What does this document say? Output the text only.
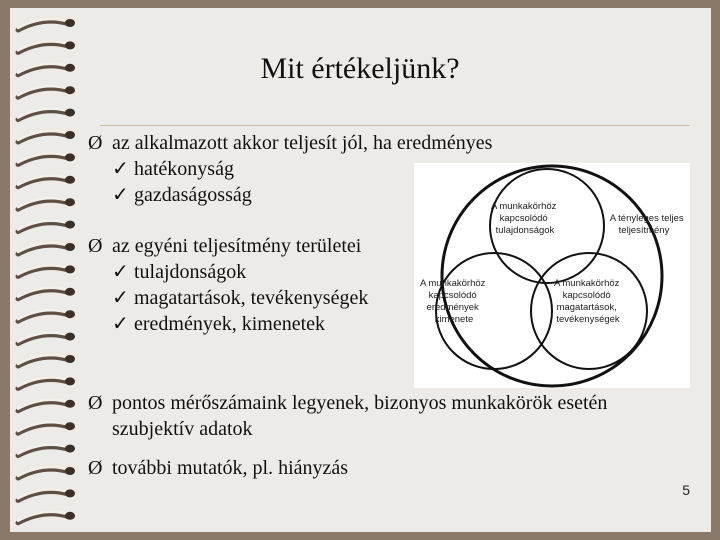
Mit értékeljünk?
Ø az alkalmazott akkor teljesít jól, ha eredményes
✓ hatékonyság
✓ gazdaságosság
Ø az egyéni teljesítmény területei
✓ tulajdonságok
✓ magatartások, tevékenységek
✓ eredmények, kimenetek
Ø pontos mérőszámaink legyenek, bizonyos munkakörök esetén
szubjektív adatok
Ø további mutatók, pl. hiányzás
A munkakörhöz kapcsolódó tulajdonságok
A tényleges teljes teljesítmény
A munkakörhöz kapcsolódó eredmények kimenete
A munkakörhöz kapcsolódó magatartások, tevékenységek
5
